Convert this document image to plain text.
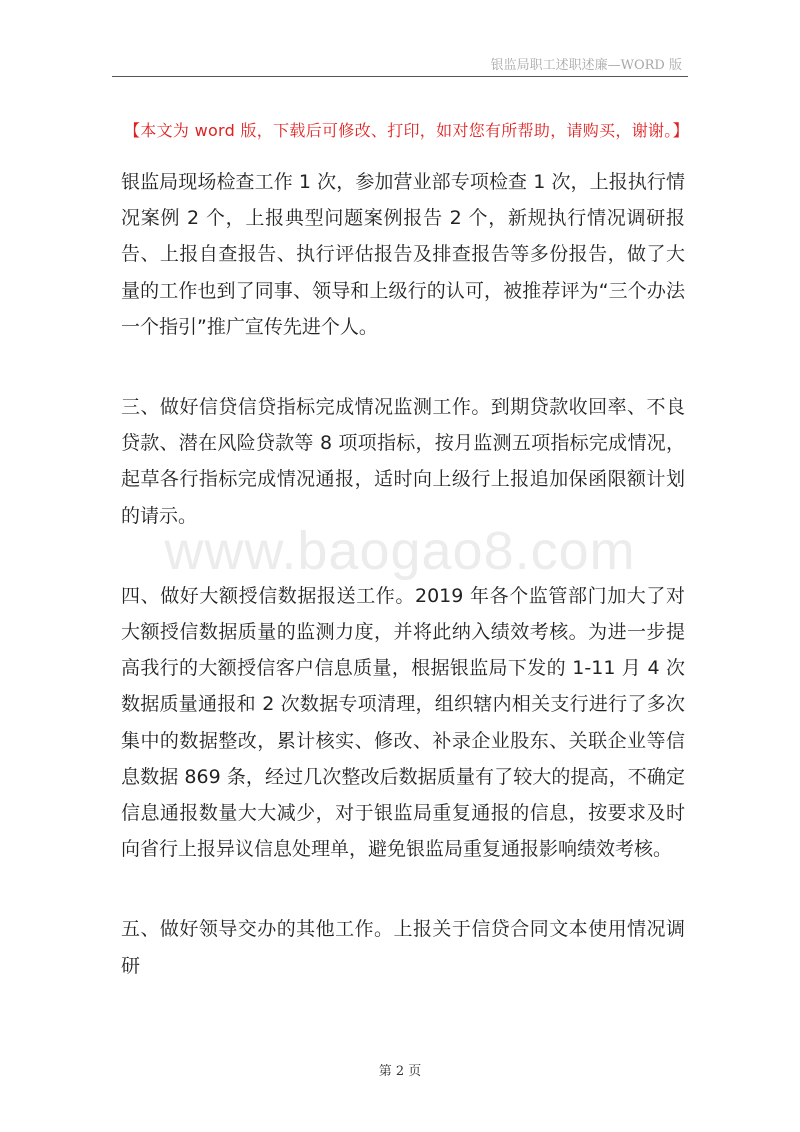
银监局职工述职述廉—WORD 版
【本文为 word 版，下载后可修改、打印，如对您有所帮助，请购买，谢谢。】

银监局现场检查工作 1 次，参加营业部专项检查 1 次，上报执行情况案例 2 个，上报典型问题案例报告 2 个，新规执行情况调研报告、上报自查报告、执行评估报告及排查报告等多份报告，做了大量的工作也到了同事、领导和上级行的认可，被推荐评为“三个办法一个指引”推广宣传先进个人。

三、做好信贷信贷指标完成情况监测工作。到期贷款收回率、不良贷款、潜在风险贷款等 8 项项指标，按月监测五项指标完成情况，起草各行指标完成情况通报，适时向上级行上报追加保函限额计划的请示。

四、做好大额授信数据报送工作。2019 年各个监管部门加大了对大额授信数据质量的监测力度，并将此纳入绩效考核。为进一步提高我行的大额授信客户信息质量，根据银监局下发的 1-11 月 4 次数据质量通报和 2 次数据专项清理，组织辖内相关支行进行了多次集中的数据整改，累计核实、修改、补录企业股东、关联企业等信息数据 869 条，经过几次整改后数据质量有了较大的提高，不确定信息通报数量大大减少，对于银监局重复通报的信息，按要求及时向省行上报异议信息处理单，避免银监局重复通报影响绩效考核。

五、做好领导交办的其他工作。上报关于信贷合同文本使用情况调研

www.baogao8.com
第 2 页
